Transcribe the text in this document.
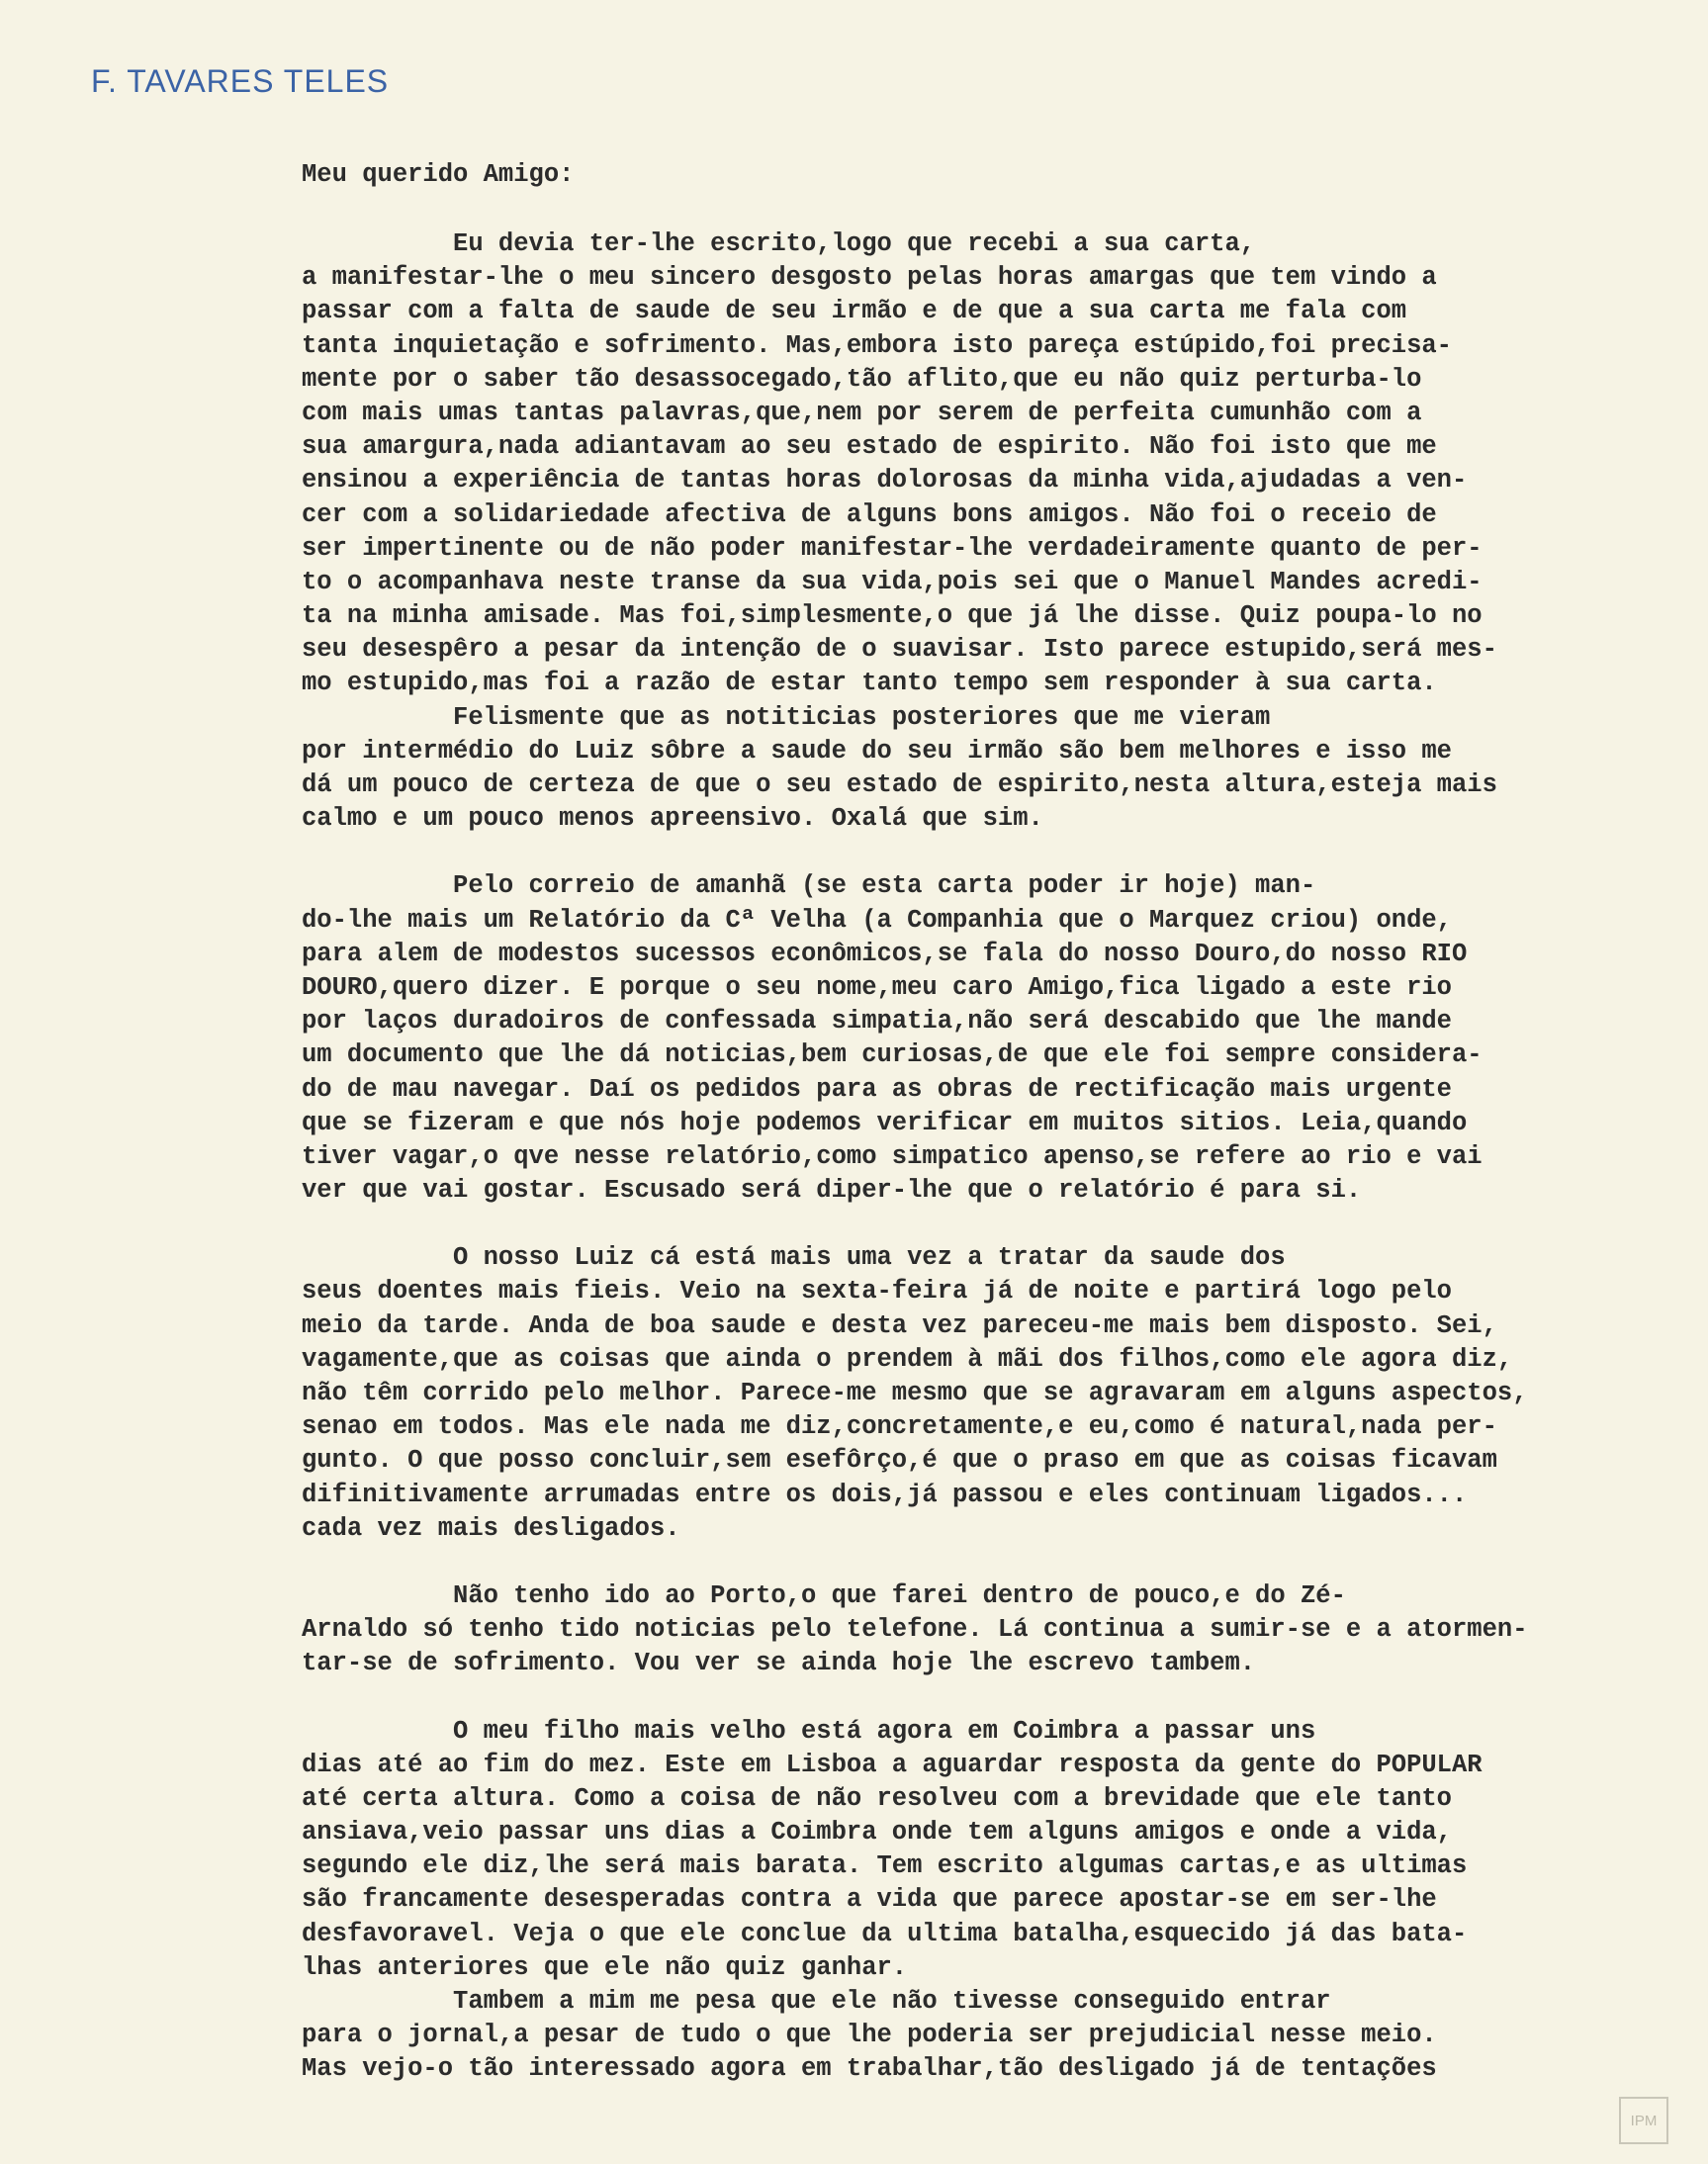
F. TAVARES TELES
Meu querido Amigo:
Eu devia ter-lhe escrito,logo que recebi a sua carta,
a manifestar-lhe o meu sincero desgosto pelas horas amargas que tem vindo a
passar com a falta de saude de seu irmão e de que a sua carta me fala com
tanta inquietação e sofrimento. Mas,embora isto pareça estúpido,foi precisa-
mente por o saber tão desassocegado,tão aflito,que eu não quiz perturba-lo
com mais umas tantas palavras,que,nem por serem de perfeita cumunhão com a
sua amargura,nada adiantavam ao seu estado de espirito. Não foi isto que me
ensinou a experiência de tantas horas dolorosas da minha vida,ajudadas a ven-
cer com a solidariedade afectiva de alguns bons amigos. Não foi o receio de
ser impertinente ou de não poder manifestar-lhe verdadeiramente quanto de per-
to o acompanhava neste transe da sua vida,pois sei que o Manuel Mandes acredi-
ta na minha amisade. Mas foi,simplesmente,o que já lhe disse. Quiz poupa-lo no
seu desespêro a pesar da intenção de o suavisar. Isto parece estupido,será mes-
mo estupido,mas foi a razão de estar tanto tempo sem responder à sua carta.
Felismente que as notiticias posteriores que me vieram
por intermédio do Luiz sôbre a saude do seu irmão são bem melhores e isso me
dá um pouco de certeza de que o seu estado de espirito,nesta altura,esteja mais
calmo e um pouco menos apreensivo. Oxalá que sim.
Pelo correio de amanhã (se esta carta poder ir hoje) man-
do-lhe mais um Relatório da Cª Velha (a Companhia que o Marquez criou) onde,
para alem de modestos sucessos econômicos,se fala do nosso Douro,do nosso RIO
DOURO,quero dizer. E porque o seu nome,meu caro Amigo,fica ligado a este rio
por laços duradoiros de confessada simpatia,não será descabido que lhe mande
um documento que lhe dá noticias,bem curiosas,de que ele foi sempre considera-
do de mau navegar. Daí os pedidos para as obras de rectificação mais urgente
que se fizeram e que nós hoje podemos verificar em muitos sitios. Leia,quando
tiver vagar,o qve nesse relatório,como simpatico apenso,se refere ao rio e vai
ver que vai gostar. Escusado será diper-lhe que o relatório é para si.
O nosso Luiz cá está mais uma vez a tratar da saude dos
seus doentes mais fieis. Veio na sexta-feira já de noite e partirá logo pelo
meio da tarde. Anda de boa saude e desta vez pareceu-me mais bem disposto. Sei,
vagamente,que as coisas que ainda o prendem à mãi dos filhos,como ele agora diz,
não têm corrido pelo melhor. Parece-me mesmo que se agravaram em alguns aspectos,
senao em todos. Mas ele nada me diz,concretamente,e eu,como é natural,nada per-
gunto. O que posso concluir,sem esefôrço,é que o praso em que as coisas ficavam
difinitivamente arrumadas entre os dois,já passou e eles continuam ligados...
cada vez mais desligados.
Não tenho ido ao Porto,o que farei dentro de pouco,e do Zé-
Arnaldo só tenho tido noticias pelo telefone. Lá continua a sumir-se e a atormen-
tar-se de sofrimento. Vou ver se ainda hoje lhe escrevo tambem.
O meu filho mais velho está agora em Coimbra a passar uns
dias até ao fim do mez. Este em Lisboa a aguardar resposta da gente do POPULAR
até certa altura. Como a coisa de não resolveu com a brevidade que ele tanto
ansiava,veio passar uns dias a Coimbra onde tem alguns amigos e onde a vida,
segundo ele diz,lhe será mais barata. Tem escrito algumas cartas,e as ultimas
são francamente desesperadas contra a vida que parece apostar-se em ser-lhe
desfavoravel. Veja o que ele conclue da ultima batalha,esquecido já das bata-
lhas anteriores que ele não quiz ganhar.
Tambem a mim me pesa que ele não tivesse conseguido entrar
para o jornal,a pesar de tudo o que lhe poderia ser prejudicial nesse meio.
Mas vejo-o tão interessado agora em trabalhar,tão desligado já de tentações
IPM
